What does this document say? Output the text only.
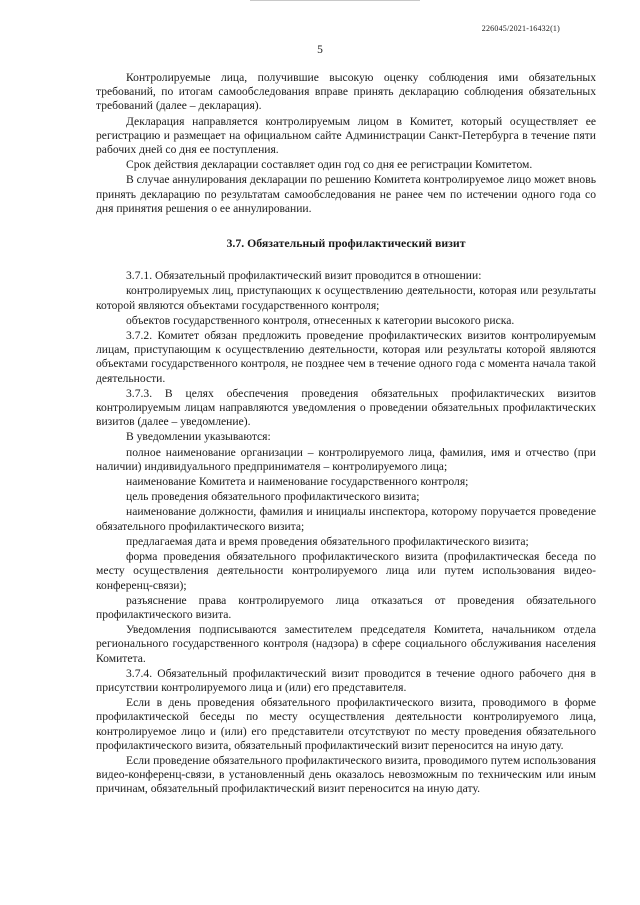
226045/2021-16432(1)
5

Контролируемые лица, получившие высокую оценку соблюдения ими обязательных требований, по итогам самообследования вправе принять декларацию соблюдения обязательных требований (далее – декларация).

Декларация направляется контролируемым лицом в Комитет, который осуществляет ее регистрацию и размещает на официальном сайте Администрации Санкт-Петербурга в течение пяти рабочих дней со дня ее поступления.

Срок действия декларации составляет один год со дня ее регистрации Комитетом.

В случае аннулирования декларации по решению Комитета контролируемое лицо может вновь принять декларацию по результатам самообследования не ранее чем по истечении одного года со дня принятия решения о ее аннулировании.

3.7. Обязательный профилактический визит

3.7.1. Обязательный профилактический визит проводится в отношении:

контролируемых лиц, приступающих к осуществлению деятельности, которая или результаты которой являются объектами государственного контроля;

объектов государственного контроля, отнесенных к категории высокого риска.

3.7.2. Комитет обязан предложить проведение профилактических визитов контролируемым лицам, приступающим к осуществлению деятельности, которая или результаты которой являются объектами государственного контроля, не позднее чем в течение одного года с момента начала такой деятельности.

3.7.3. В целях обеспечения проведения обязательных профилактических визитов контролируемым лицам направляются уведомления о проведении обязательных профилактических визитов (далее – уведомление).

В уведомлении указываются:

полное наименование организации – контролируемого лица, фамилия, имя и отчество (при наличии) индивидуального предпринимателя – контролируемого лица;

наименование Комитета и наименование государственного контроля;

цель проведения обязательного профилактического визита;

наименование должности, фамилия и инициалы инспектора, которому поручается проведение обязательного профилактического визита;

предлагаемая дата и время проведения обязательного профилактического визита;

форма проведения обязательного профилактического визита (профилактическая беседа по месту осуществления деятельности контролируемого лица или путем использования видео-конференц-связи);

разъяснение права контролируемого лица отказаться от проведения обязательного профилактического визита.

Уведомления подписываются заместителем председателя Комитета, начальником отдела регионального государственного контроля (надзора) в сфере социального обслуживания населения Комитета.

3.7.4. Обязательный профилактический визит проводится в течение одного рабочего дня в присутствии контролируемого лица и (или) его представителя.

Если в день проведения обязательного профилактического визита, проводимого в форме профилактической беседы по месту осуществления деятельности контролируемого лица, контролируемое лицо и (или) его представители отсутствуют по месту проведения обязательного профилактического визита, обязательный профилактический визит переносится на иную дату.

Если проведение обязательного профилактического визита, проводимого путем использования видео-конференц-связи, в установленный день оказалось невозможным по техническим или иным причинам, обязательный профилактический визит переносится на иную дату.
